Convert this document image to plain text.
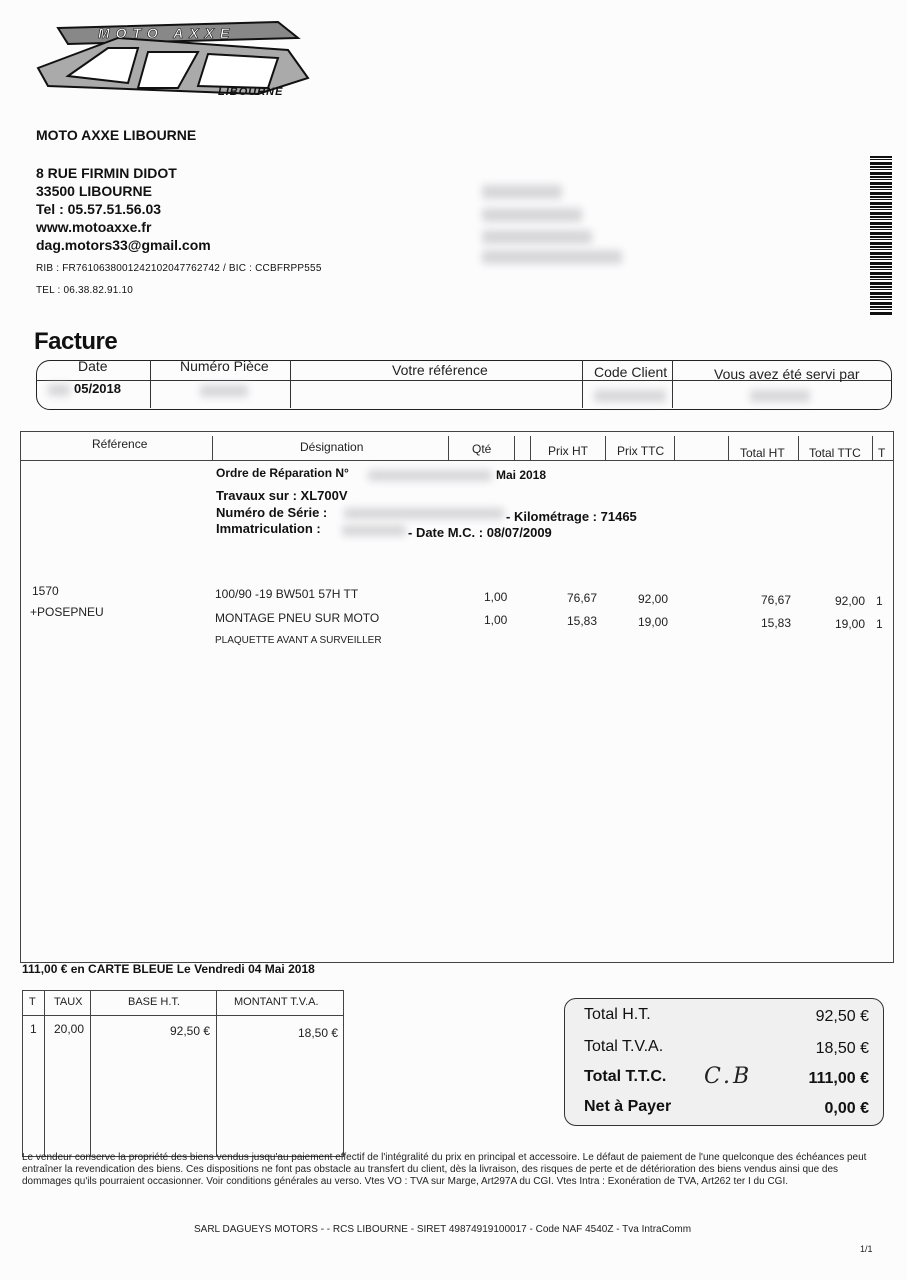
MOTO AXXE
LIBOURNE
MOTO AXXE LIBOURNE
8 RUE FIRMIN DIDOT
33500 LIBOURNE
Tel : 05.57.51.56.03
www.motoaxxe.fr
dag.motors33@gmail.com
RIB : FR7610638001242102047762742 / BIC : CCBFRPP555
TEL : 06.38.82.91.10
Facture
Date	Numéro Pièce	Votre référence	Code Client	Vous avez été servi par
05/2018
Référence	Désignation	Qté	Prix HT Prix TTC	Total HT Total TTC T
Ordre de Réparation N°	Mai 2018
Travaux sur : XL700V
Numéro de Série :	- Kilométrage : 71465
Immatriculation :	- Date M.C. : 08/07/2009
1570	100/90 -19 BW501 57H TT	1,00	76,67	92,00	76,67	92,00 1
+POSEPNEU	MONTAGE PNEU SUR MOTO	1,00	15,83	19,00	15,83	19,00 1
PLAQUETTE AVANT A SURVEILLER
111,00 € en CARTE BLEUE Le Vendredi 04 Mai 2018
T TAUX	BASE H.T.	MONTANT T.V.A.
1 20,00	92,50 €	18,50 €
Total H.T.	92,50 €
Total T.V.A.	18,50 €
Total T.T.C. C.B	111,00 €
Net à Payer	0,00 €
Le vendeur conserve la propriété des biens vendus jusqu'au paiement effectif de l'intégralité du prix en principal et accessoire. Le défaut de paiement de l'une quelconque des échéances peut entraîner la revendication des biens. Ces dispositions ne font pas obstacle au transfert du client, dès la livraison, des risques de perte et de détérioration des biens vendus ainsi que des dommages qu'ils pourraient occasionner. Voir conditions générales au verso. Vtes VO : TVA sur Marge, Art297A du CGI. Vtes Intra : Exonération de TVA, Art262 ter I du CGI.
SARL DAGUEYS MOTORS - - RCS LIBOURNE - SIRET 49874919100017 - Code NAF 4540Z - Tva IntraComm
1/1
